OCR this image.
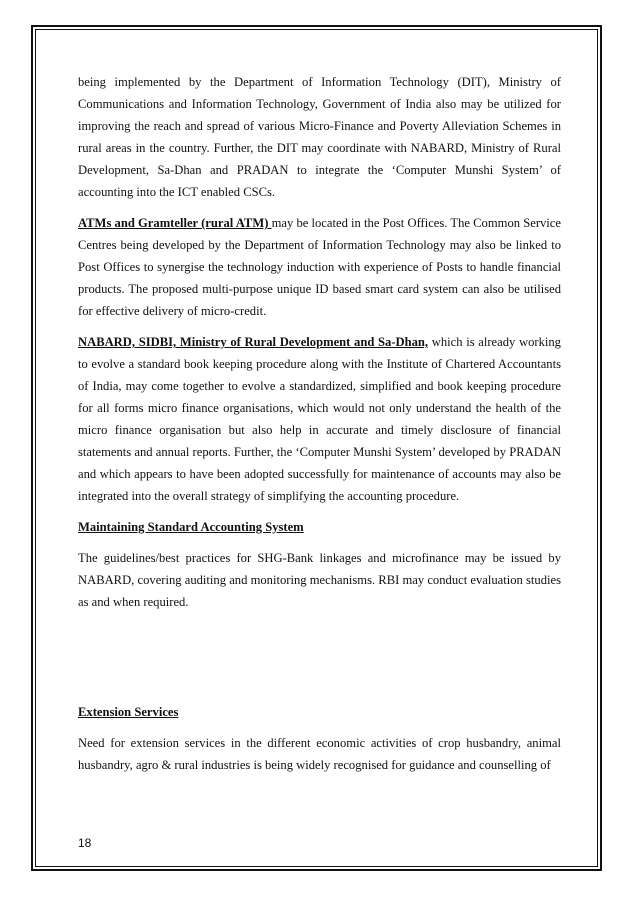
being implemented by the Department of Information Technology (DIT), Ministry of Communications and Information Technology, Government of India also may be utilized for improving the reach and spread of various Micro-Finance and Poverty Alleviation Schemes in rural areas in the country. Further, the DIT may coordinate with NABARD, Ministry of Rural Development, Sa-Dhan and PRADAN to integrate the ‘Computer Munshi System’ of accounting into the ICT enabled CSCs.

ATMs and Gramteller (rural ATM) may be located in the Post Offices. The Common Service Centres being developed by the Department of Information Technology may also be linked to Post Offices to synergise the technology induction with experience of Posts to handle financial products. The proposed multi-purpose unique ID based smart card system can also be utilised for effective delivery of micro-credit.

NABARD, SIDBI, Ministry of Rural Development and Sa-Dhan, which is already working to evolve a standard book keeping procedure along with the Institute of Chartered Accountants of India, may come together to evolve a standardized, simplified and book keeping procedure for all forms micro finance organisations, which would not only understand the health of the micro finance organisation but also help in accurate and timely disclosure of financial statements and annual reports. Further, the ‘Computer Munshi System’ developed by PRADAN and which appears to have been adopted successfully for maintenance of accounts may also be integrated into the overall strategy of simplifying the accounting procedure.

Maintaining Standard Accounting System

The guidelines/best practices for SHG-Bank linkages and microfinance may be issued by NABARD, covering auditing and monitoring mechanisms. RBI may conduct evaluation studies as and when required.

Extension Services

Need for extension services in the different economic activities of crop husbandry, animal husbandry, agro & rural industries is being widely recognised for guidance and counselling of

18
